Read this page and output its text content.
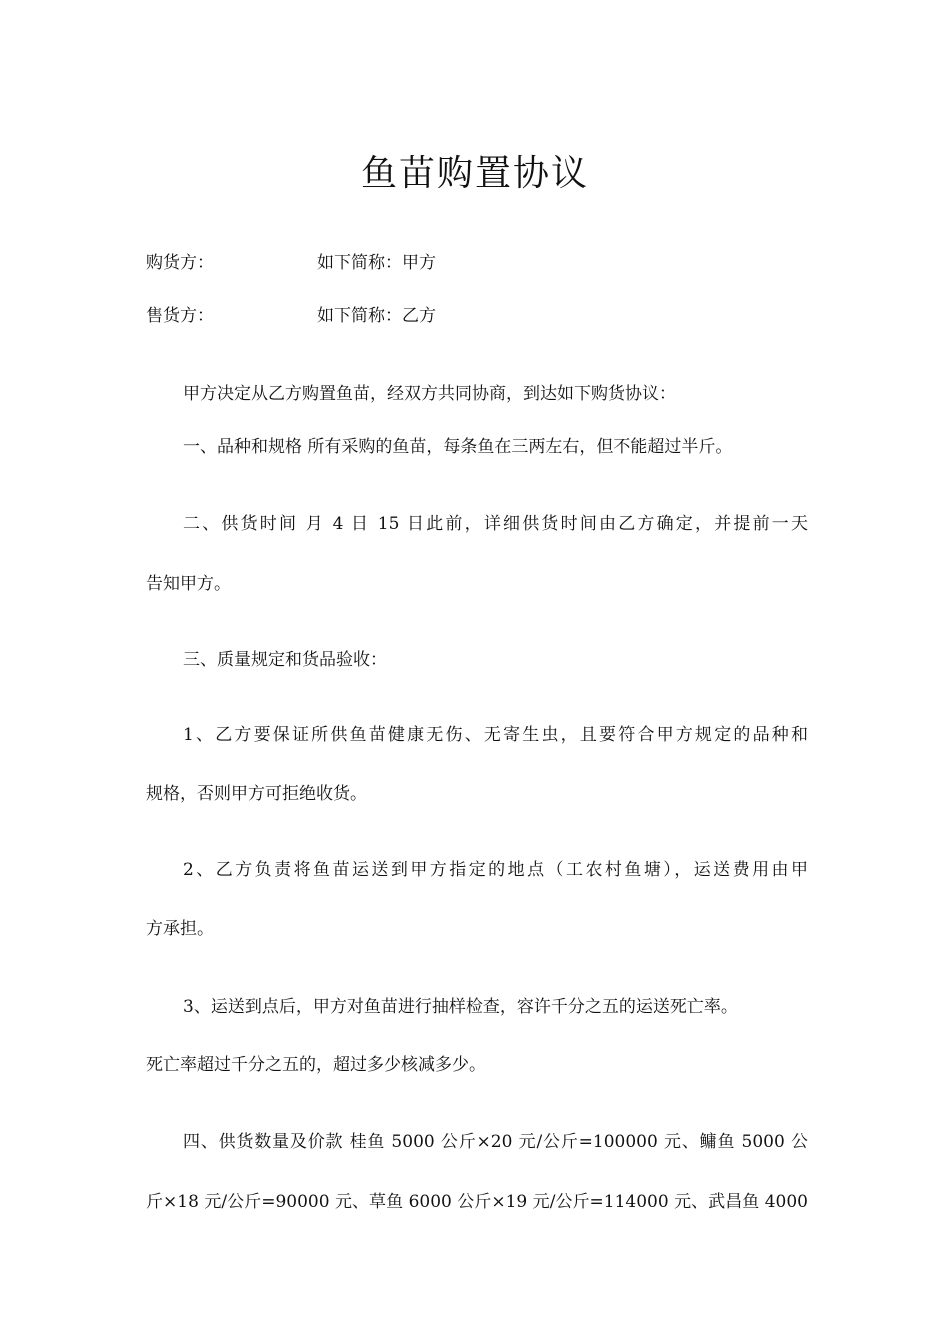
鱼苗购置协议
购货方：	如下简称：甲方
售货方：	如下简称：乙方
甲方决定从乙方购置鱼苗，经双方共同协商，到达如下购货协议：
一、品种和规格 所有采购的鱼苗，每条鱼在三两左右，但不能超过半斤。
二、供货时间 月 4 日 15 日此前，详细供货时间由乙方确定，并提前一天
告知甲方。
三、质量规定和货品验收：
1、乙方要保证所供鱼苗健康无伤、无寄生虫，且要符合甲方规定的品种和
规格，否则甲方可拒绝收货。
2、乙方负责将鱼苗运送到甲方指定的地点（工农村鱼塘），运送费用由甲
方承担。
3、运送到点后，甲方对鱼苗进行抽样检查，容许千分之五的运送死亡率。
死亡率超过千分之五的，超过多少核减多少。
四、供货数量及价款 桂鱼 5000 公斤×20 元/公斤=100000 元、鳙鱼 5000 公
斤×18 元/公斤=90000 元、草鱼 6000 公斤×19 元/公斤=114000 元、武昌鱼 4000
